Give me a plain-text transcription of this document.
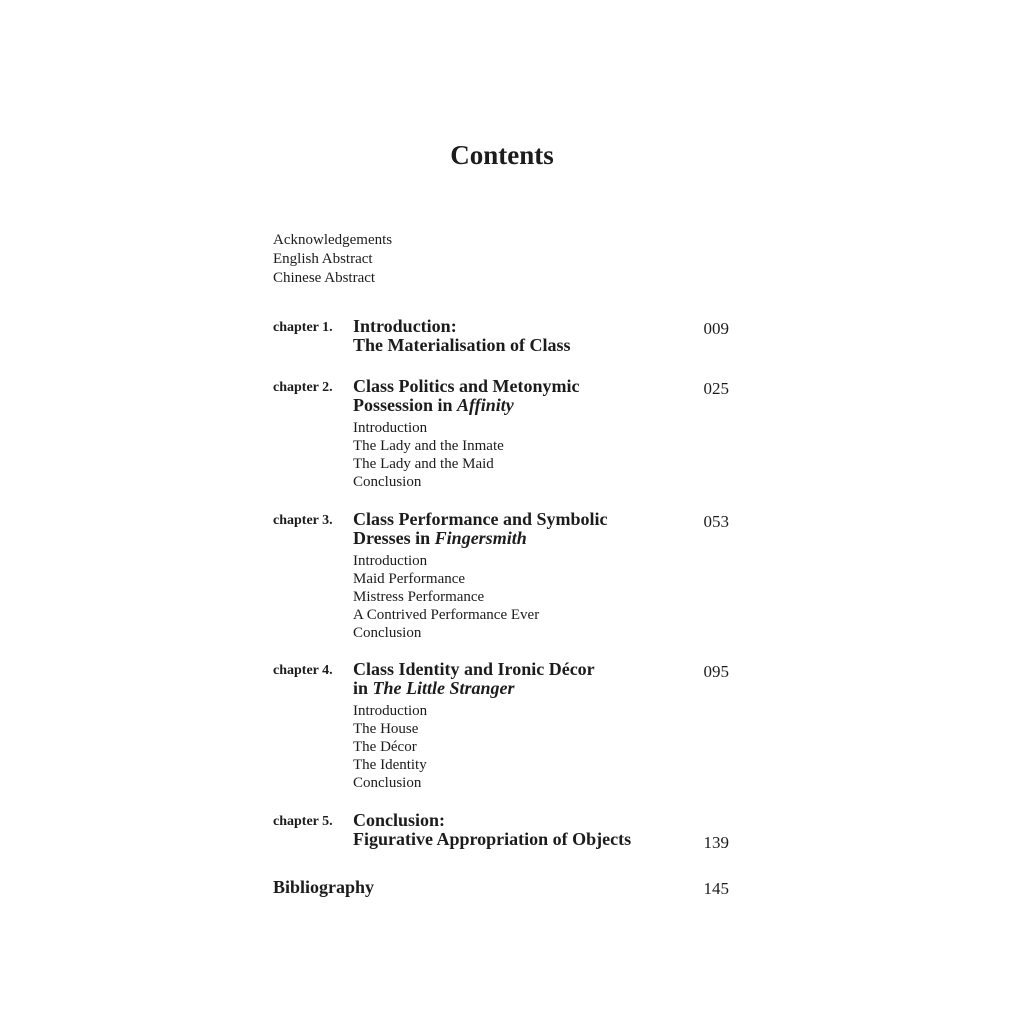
Contents
Acknowledgements
English Abstract
Chinese Abstract
chapter 1. Introduction:
The Materialisation of Class
009
chapter 2. Class Politics and Metonymic
Possession in Affinity
025
Introduction
The Lady and the Inmate
The Lady and the Maid
Conclusion
chapter 3. Class Performance and Symbolic
Dresses in Fingersmith
053
Introduction
Maid Performance
Mistress Performance
A Contrived Performance Ever
Conclusion
chapter 4. Class Identity and Ironic Décor
in The Little Stranger
095
Introduction
The House
The Décor
The Identity
Conclusion
chapter 5. Conclusion:
Figurative Appropriation of Objects	139
Bibliography	145
